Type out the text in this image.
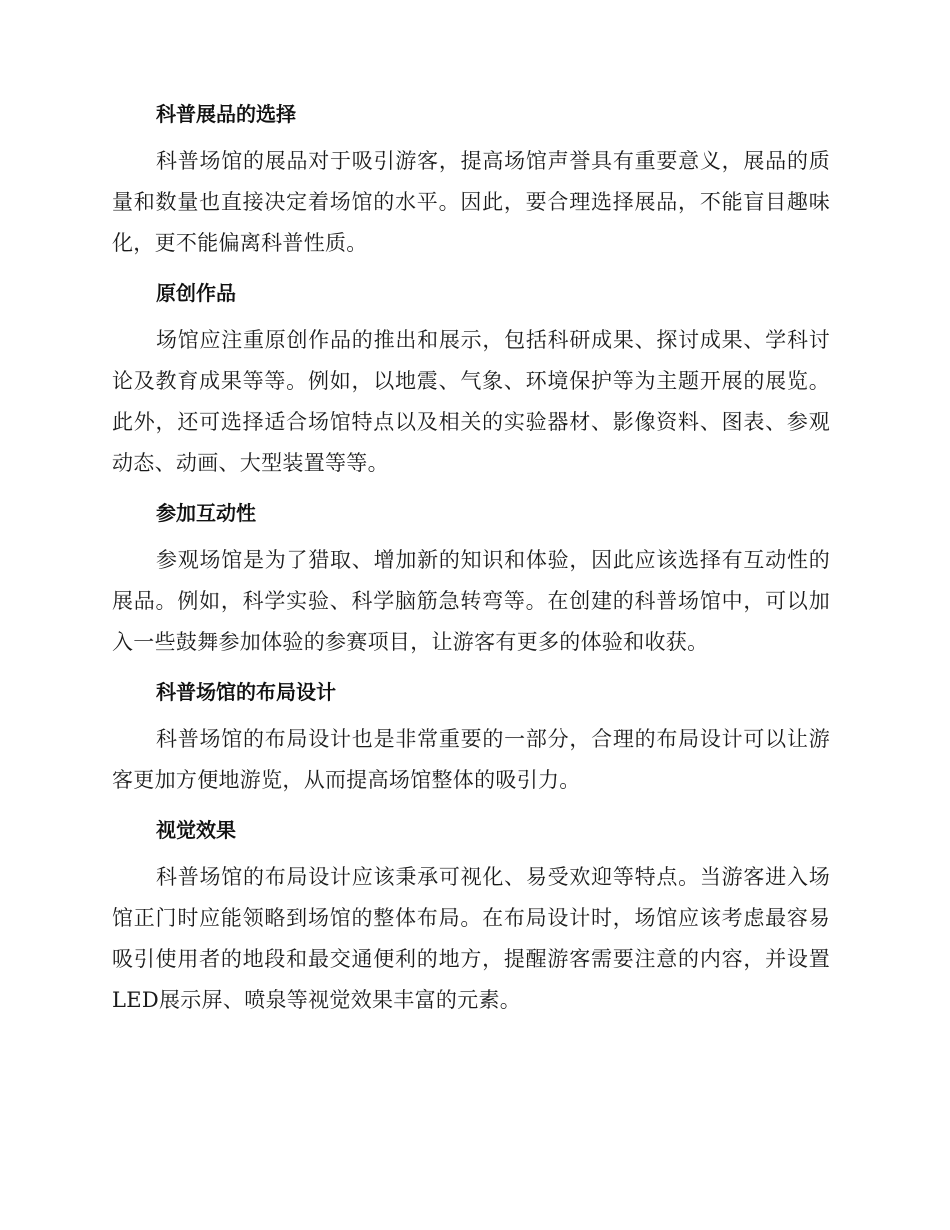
科普展品的选择

科普场馆的展品对于吸引游客，提高场馆声誉具有重要意义，展品的质量和数量也直接决定着场馆的水平。因此，要合理选择展品，不能盲目趣味化，更不能偏离科普性质。

原创作品

场馆应注重原创作品的推出和展示，包括科研成果、探讨成果、学科讨论及教育成果等等。例如，以地震、气象、环境保护等为主题开展的展览。此外，还可选择适合场馆特点以及相关的实验器材、影像资料、图表、参观动态、动画、大型装置等等。

参加互动性

参观场馆是为了猎取、增加新的知识和体验，因此应该选择有互动性的展品。例如，科学实验、科学脑筋急转弯等。在创建的科普场馆中，可以加入一些鼓舞参加体验的参赛项目，让游客有更多的体验和收获。

科普场馆的布局设计

科普场馆的布局设计也是非常重要的一部分，合理的布局设计可以让游客更加方便地游览，从而提高场馆整体的吸引力。

视觉效果

科普场馆的布局设计应该秉承可视化、易受欢迎等特点。当游客进入场馆正门时应能领略到场馆的整体布局。在布局设计时，场馆应该考虑最容易吸引使用者的地段和最交通便利的地方，提醒游客需要注意的内容，并设置LED展示屏、喷泉等视觉效果丰富的元素。
